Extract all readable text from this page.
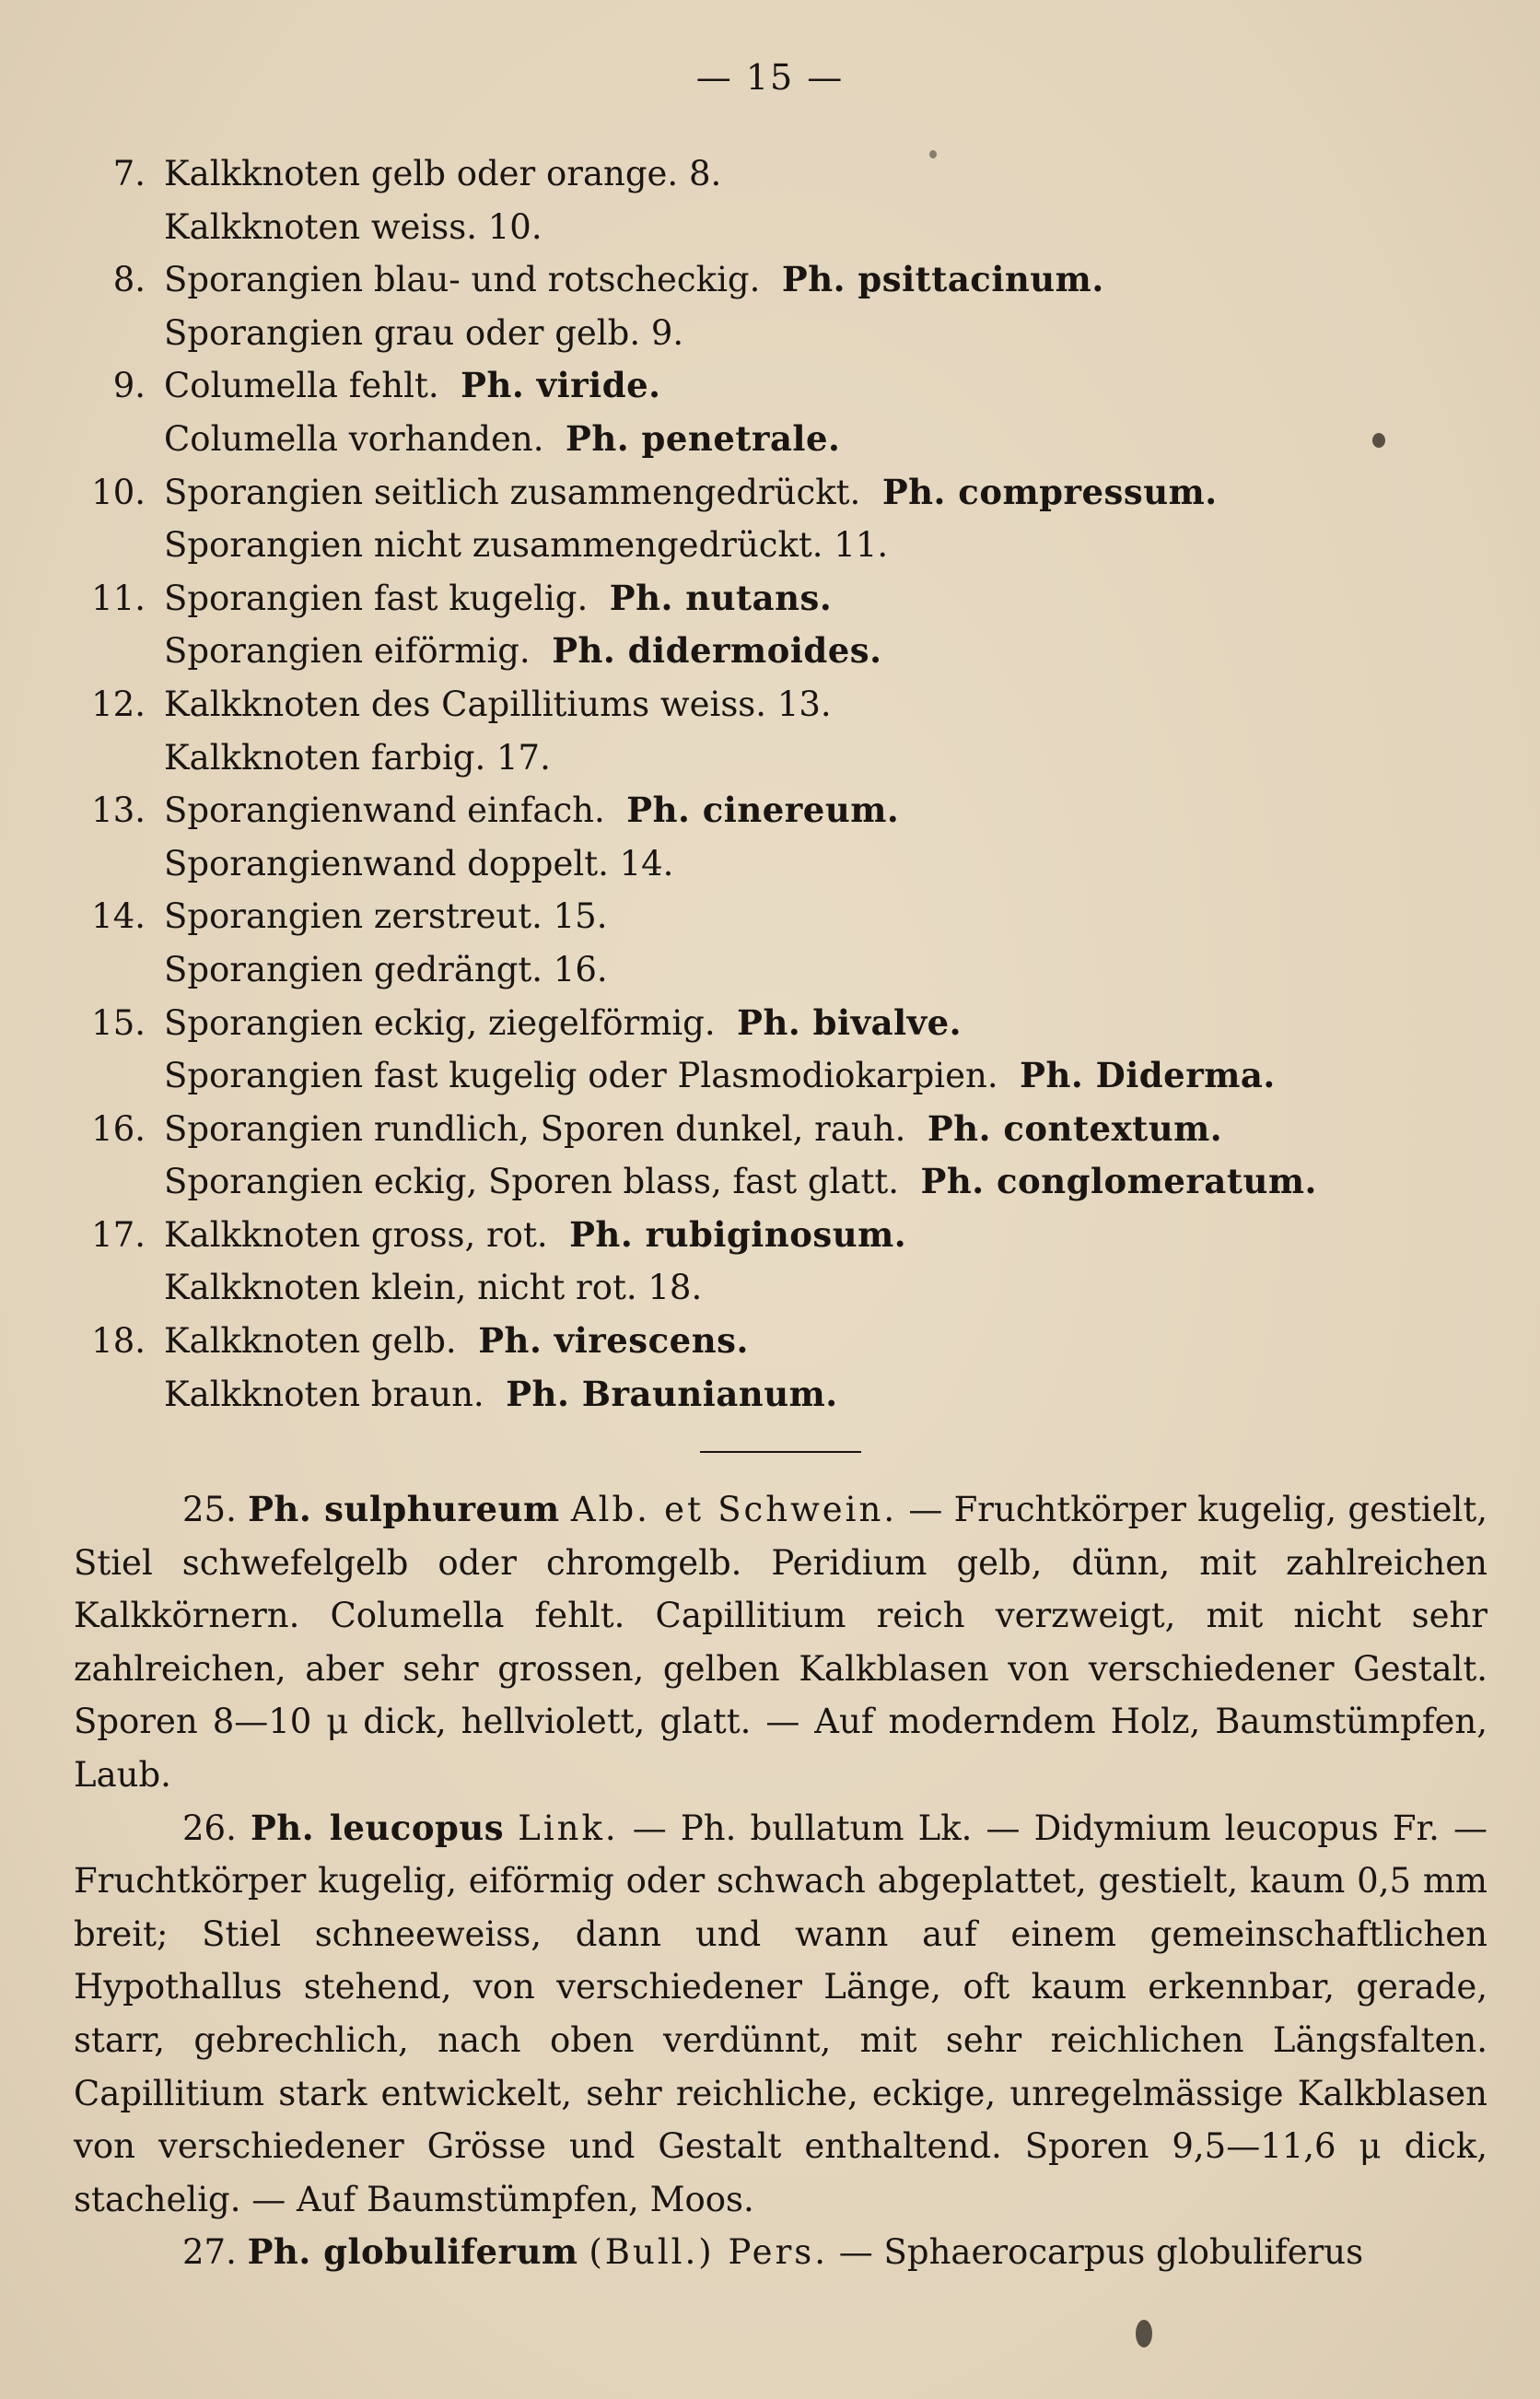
— 15 —
7. Kalkknoten gelb oder orange. 8.
Kalkknoten weiss. 10.
8. Sporangien blau- und rotscheckig. Ph. psittacinum.
Sporangien grau oder gelb. 9.
9. Columella fehlt. Ph. viride.
Columella vorhanden. Ph. penetrale.
10. Sporangien seitlich zusammengedrückt. Ph. compressum.
Sporangien nicht zusammengedrückt. 11.
11. Sporangien fast kugelig. Ph. nutans.
Sporangien eiförmig. Ph. didermoides.
12. Kalkknoten des Capillitiums weiss. 13.
Kalkknoten farbig. 17.
13. Sporangienwand einfach. Ph. cinereum.
Sporangienwand doppelt. 14.
14. Sporangien zerstreut. 15.
Sporangien gedrängt. 16.
15. Sporangien eckig, ziegelförmig. Ph. bivalve.
Sporangien fast kugelig oder Plasmodiokarpien. Ph. Diderma.
16. Sporangien rundlich, Sporen dunkel, rauh. Ph. contextum.
Sporangien eckig, Sporen blass, fast glatt. Ph. conglomeratum.
17. Kalkknoten gross, rot. Ph. rubiginosum.
Kalkknoten klein, nicht rot. 18.
18. Kalkknoten gelb. Ph. virescens.
Kalkknoten braun. Ph. Braunianum.

25. Ph. sulphureum Alb. et Schwein. — Fruchtkörper kugelig, gestielt, Stiel schwefelgelb oder chromgelb. Peridium gelb, dünn, mit zahlreichen Kalkkörnern. Columella fehlt. Capillitium reich verzweigt, mit nicht sehr zahlreichen, aber sehr grossen, gelben Kalkblasen von verschiedener Gestalt. Sporen 8—10 μ dick, hellviolett, glatt. — Auf moderndem Holz, Baumstümpfen, Laub.

26. Ph. leucopus Link. — Ph. bullatum Lk. — Didymium leucopus Fr. — Fruchtkörper kugelig, eiförmig oder schwach abgeplattet, gestielt, kaum 0,5 mm breit; Stiel schneeweiss, dann und wann auf einem gemeinschaftlichen Hypothallus stehend, von verschiedener Länge, oft kaum erkennbar, gerade, starr, gebrechlich, nach oben verdünnt, mit sehr reichlichen Längsfalten. Capillitium stark entwickelt, sehr reichliche, eckige, unregelmässige Kalkblasen von verschiedener Grösse und Gestalt enthaltend. Sporen 9,5—11,6 μ dick, stachelig. — Auf Baumstümpfen, Moos.

27. Ph. globuliferum (Bull.) Pers. — Sphaerocarpus globuliferus
